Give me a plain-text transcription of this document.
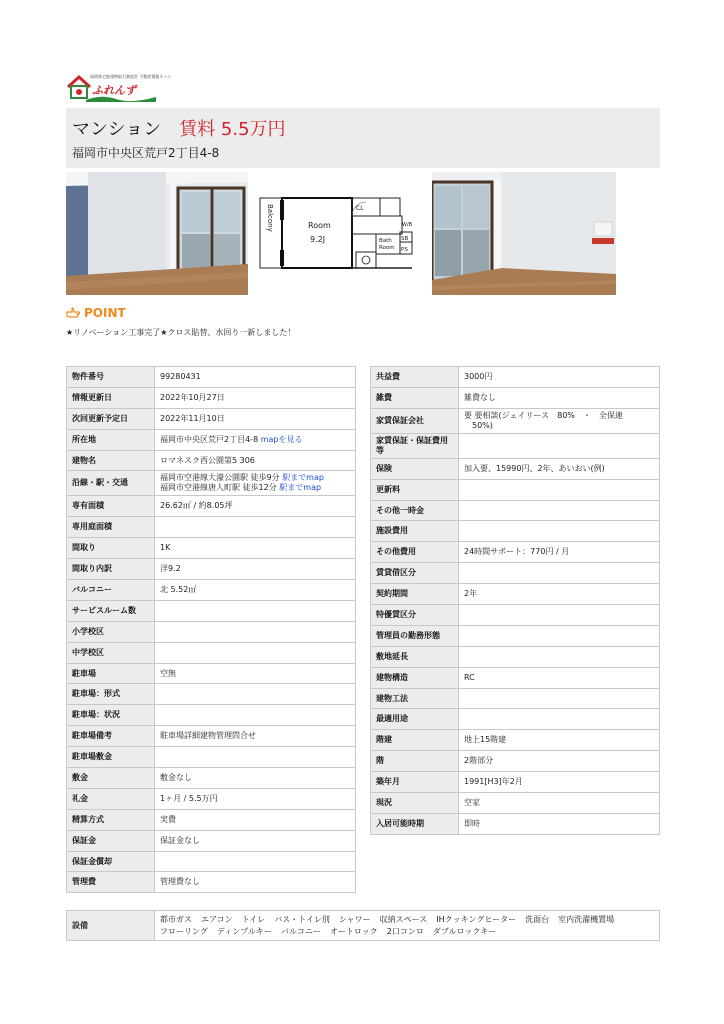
福岡県宅地建物取引業協会 不動産情報ネット
ふれんず
マンション 賃料 5.5万円
福岡市中央区荒戸2丁目4-8
Balcony	Room
9.2J
CL
W/B
Bath
Room
SB
PS
POINT
★リノベーション工事完了★クロス貼替、水回り一新しました！
物件番号	99280431

情報更新日	2022年10月27日

次回更新予定日	2022年11月10日

所在地	福岡市中央区荒戸2丁目4-8 mapを見る

建物名	ロマネスク西公園第5 306

沿線・駅・交通	福岡市空港線大濠公園駅 徒歩9分 駅までmap
福岡市空港線唐人町駅 徒歩12分 駅までmap

専有面積	26.62㎡ / 約8.05坪

専用庭面積	

間取り	1K

間取り内訳	洋9.2

バルコニー	北 5.52㎡

サービスルーム数	

小学校区	

中学校区	

駐車場	空無

駐車場：形式	

駐車場：状況	

駐車場備考	駐車場詳細建物管理問合せ

駐車場敷金	

敷金	敷金なし

礼金	1ヶ月 / 5.5万円

精算方式	実費

保証金	保証金なし

保証金償却	

管理費	管理費なし
共益費	3000円

雑費	雑費なし

家賃保証会社	要 要相談(ジェイリース　80%　・　全保連
　50%)

家賃保証・保証費用等	

保険	加入要、15990円、2年、あいおい(例)

更新料	

その他一時金	

施設費用	

その他費用	24時間サポート：770円 / 月

賃貸借区分	

契約期間	2年

特優賃区分	

管理員の勤務形態	

敷地延長	

建物構造	RC

建物工法	

最適用途	

階建	地上15階建

階	2階部分

築年月	1991[H3]年2月

現況	空家

入居可能時期	即時
設備	都市ガス エアコン トイレ バス・トイレ別 シャワー 収納スペース IHクッキングヒーター 洗面台 室内洗濯機置場フローリング ディンプルキー バルコニー オートロック 2口コンロ ダブルロックキー
